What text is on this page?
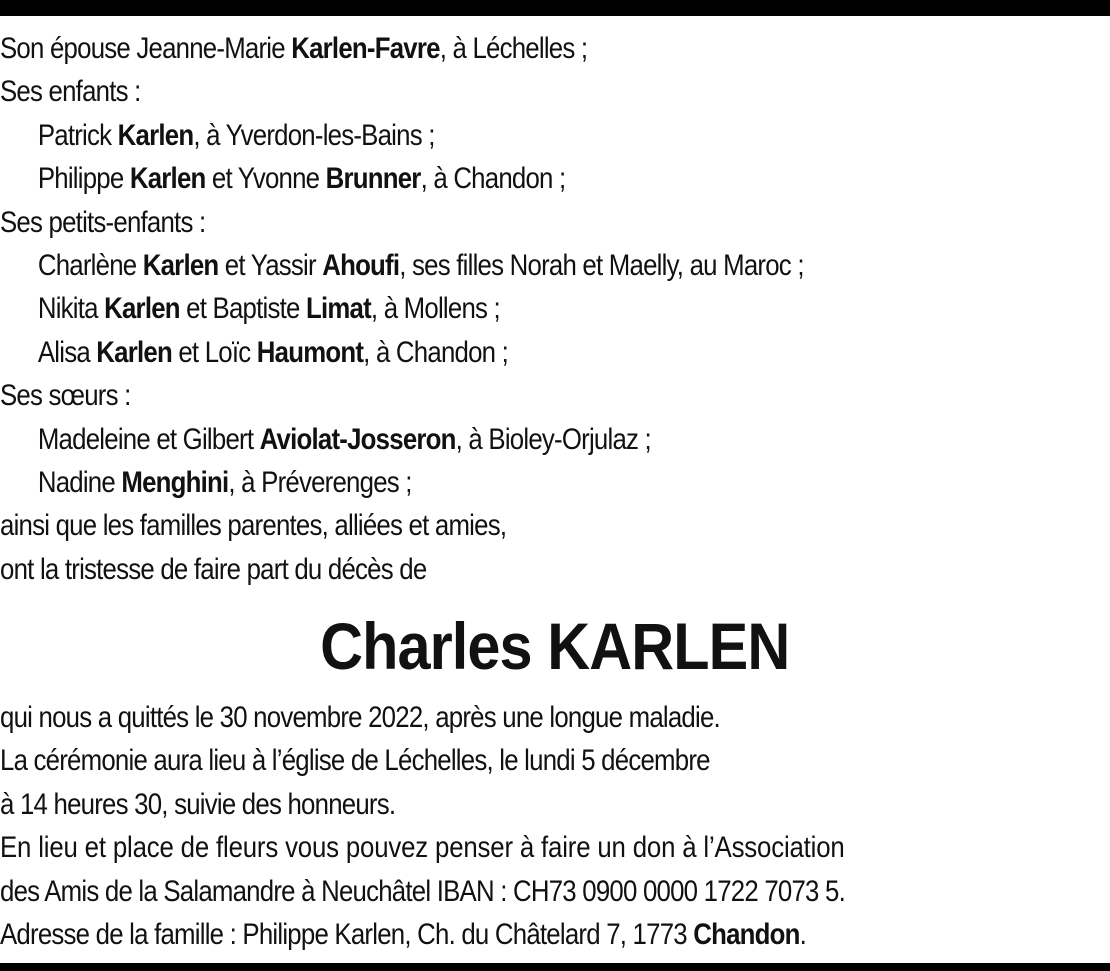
Son épouse Jeanne-Marie Karlen-Favre, à Léchelles ;
Ses enfants :
Patrick Karlen, à Yverdon-les-Bains ;
Philippe Karlen et Yvonne Brunner, à Chandon ;
Ses petits-enfants :
Charlène Karlen et Yassir Ahoufi, ses filles Norah et Maelly, au Maroc ;
Nikita Karlen et Baptiste Limat, à Mollens ;
Alisa Karlen et Loïc Haumont, à Chandon ;
Ses sœurs :
Madeleine et Gilbert Aviolat-Josseron, à Bioley-Orjulaz ;
Nadine Menghini, à Préverenges ;
ainsi que les familles parentes, alliées et amies,
ont la tristesse de faire part du décès de
Charles KARLEN
qui nous a quittés le 30 novembre 2022, après une longue maladie.
La cérémonie aura lieu à l’église de Léchelles, le lundi 5 décembre
à 14 heures 30, suivie des honneurs.
En lieu et place de fleurs vous pouvez penser à faire un don à l’Association
des Amis de la Salamandre à Neuchâtel IBAN : CH73 0900 0000 1722 7073 5.
Adresse de la famille : Philippe Karlen, Ch. du Châtelard 7, 1773 Chandon.
